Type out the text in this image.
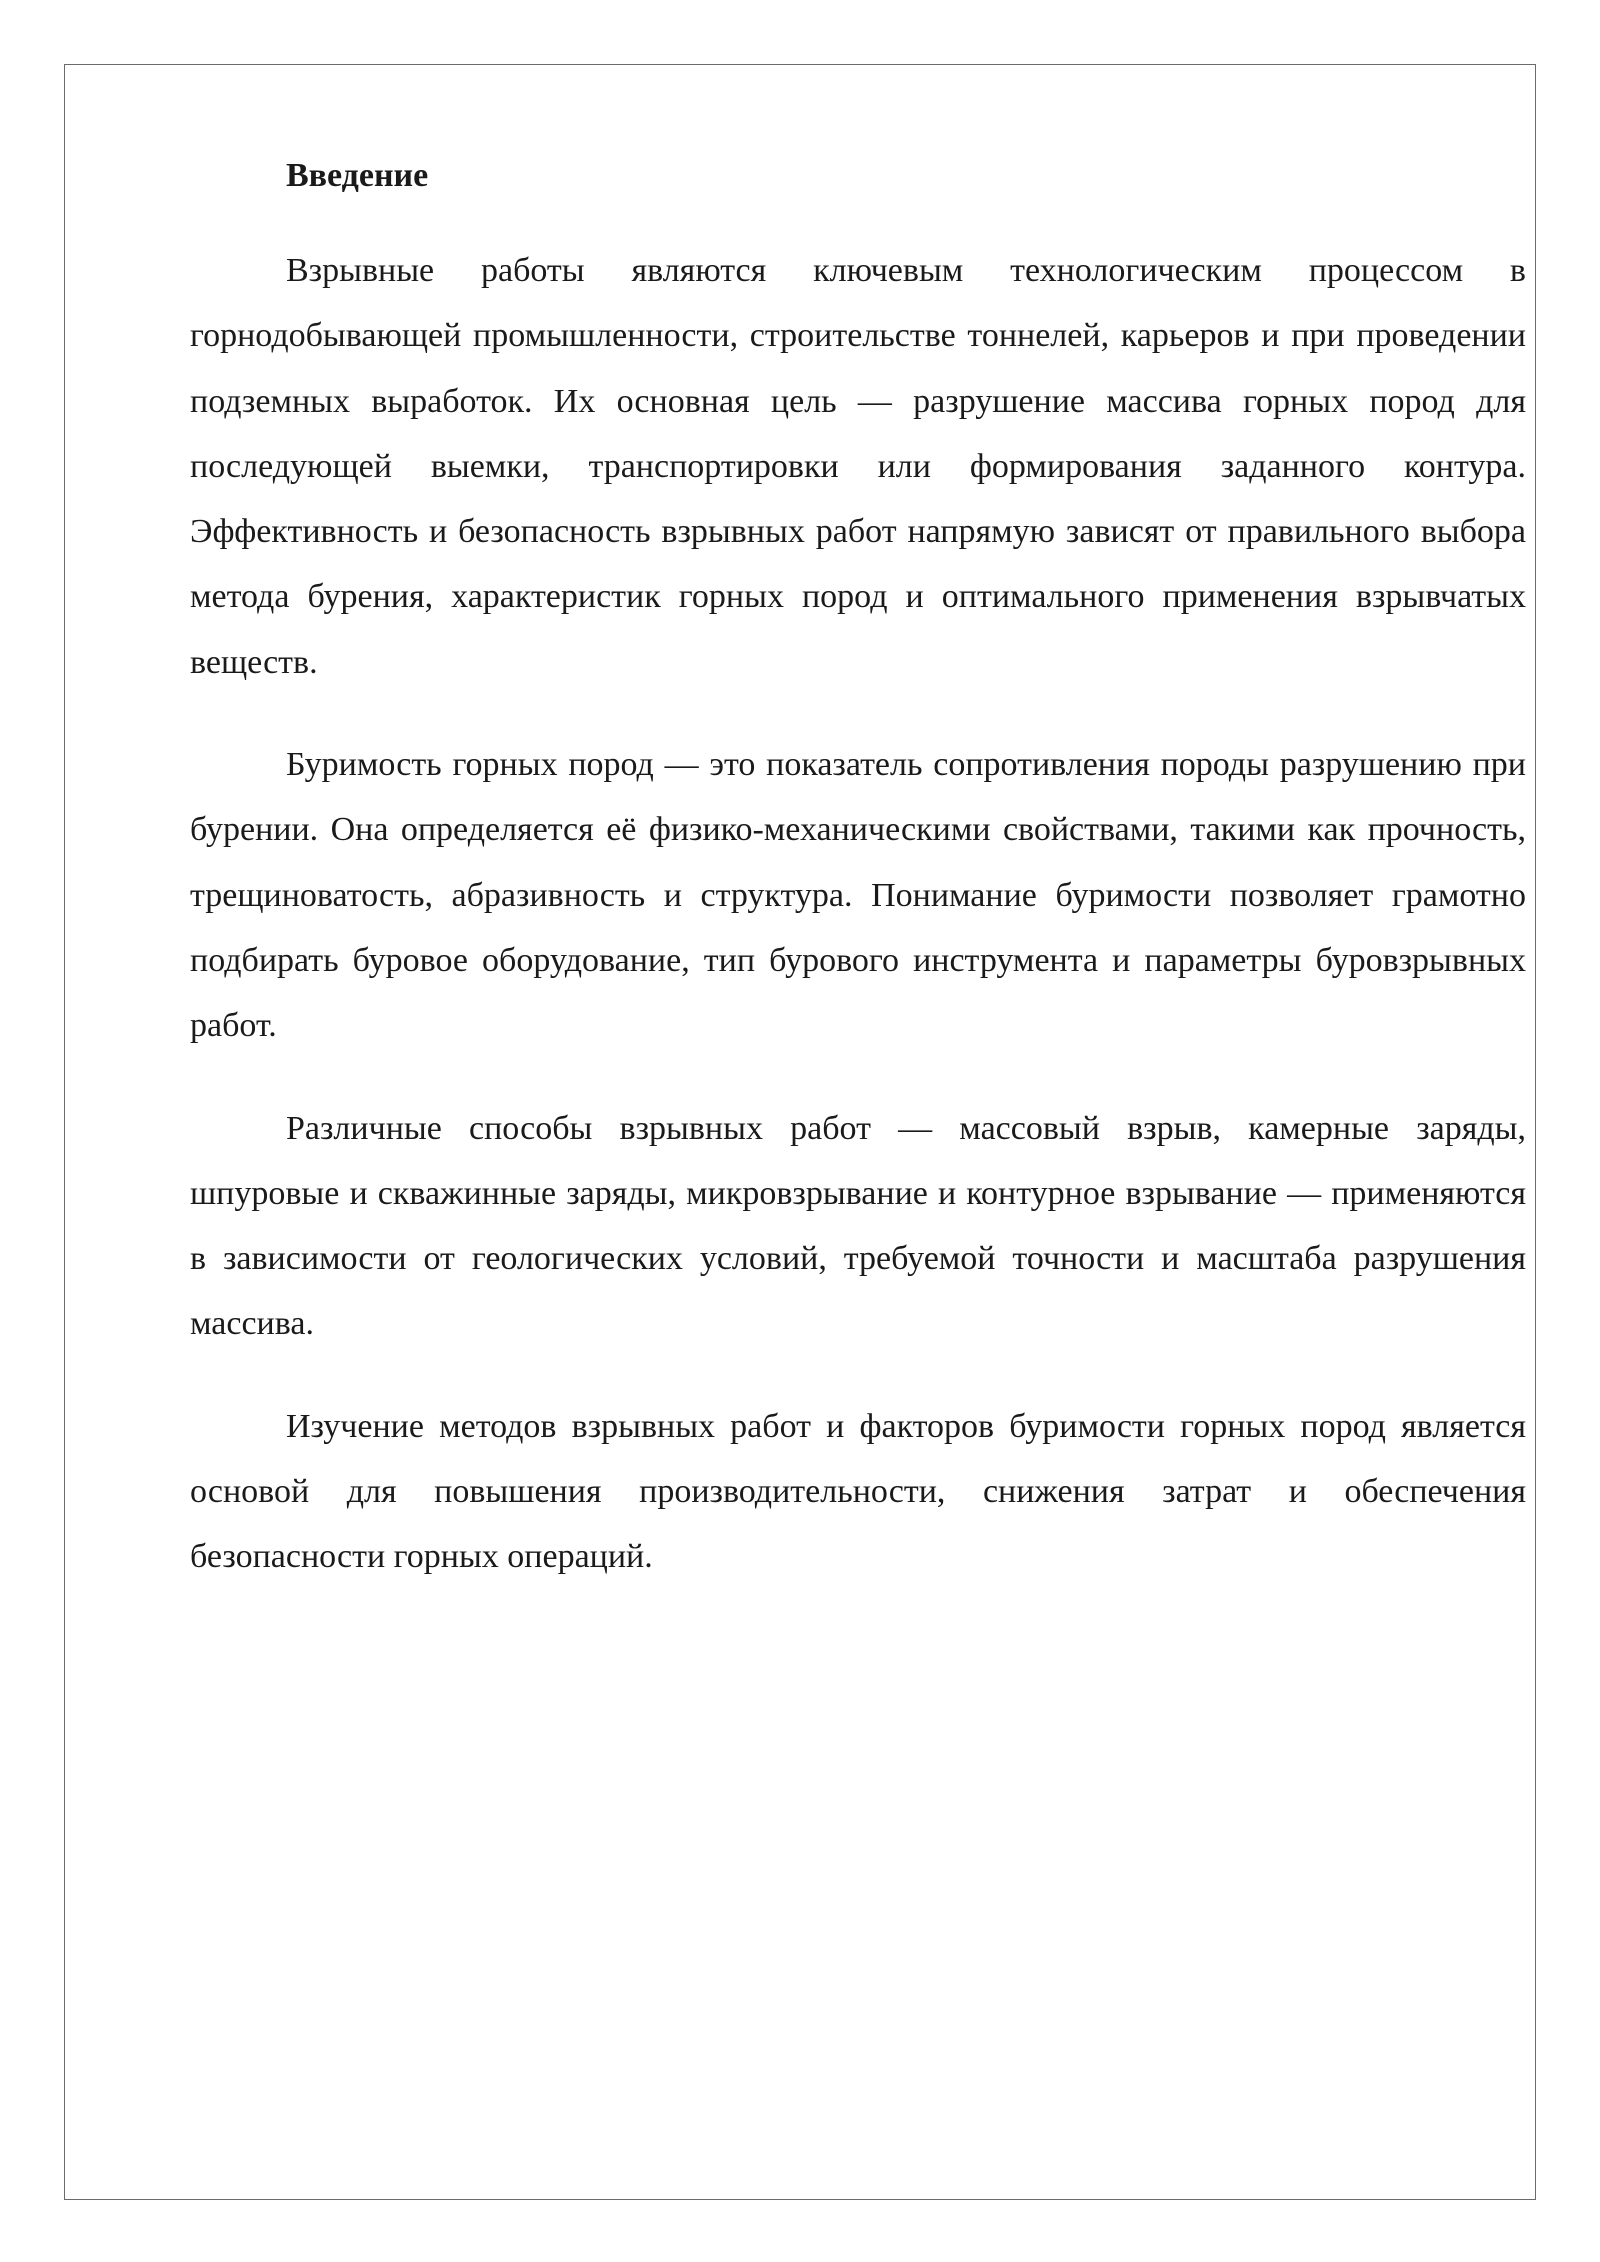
Введение

Взрывные работы являются ключевым технологическим процессом в горнодобывающей промышленности, строительстве тоннелей, карьеров и при проведении подземных выработок. Их основная цель — разрушение массива горных пород для последующей выемки, транспортировки или формирования заданного контура. Эффективность и безопасность взрывных работ напрямую зависят от правильного выбора метода бурения, характеристик горных пород и оптимального применения взрывчатых веществ.

Буримость горных пород — это показатель сопротивления породы разрушению при бурении. Она определяется её физико-механическими свойствами, такими как прочность, трещиноватость, абразивность и структура. Понимание буримости позволяет грамотно подбирать буровое оборудование, тип бурового инструмента и параметры буровзрывных работ.

Различные способы взрывных работ — массовый взрыв, камерные заряды, шпуровые и скважинные заряды, микровзрывание и контурное взрывание — применяются в зависимости от геологических условий, требуемой точности и масштаба разрушения массива.

Изучение методов взрывных работ и факторов буримости горных пород является основой для повышения производительности, снижения затрат и обеспечения безопасности горных операций.
